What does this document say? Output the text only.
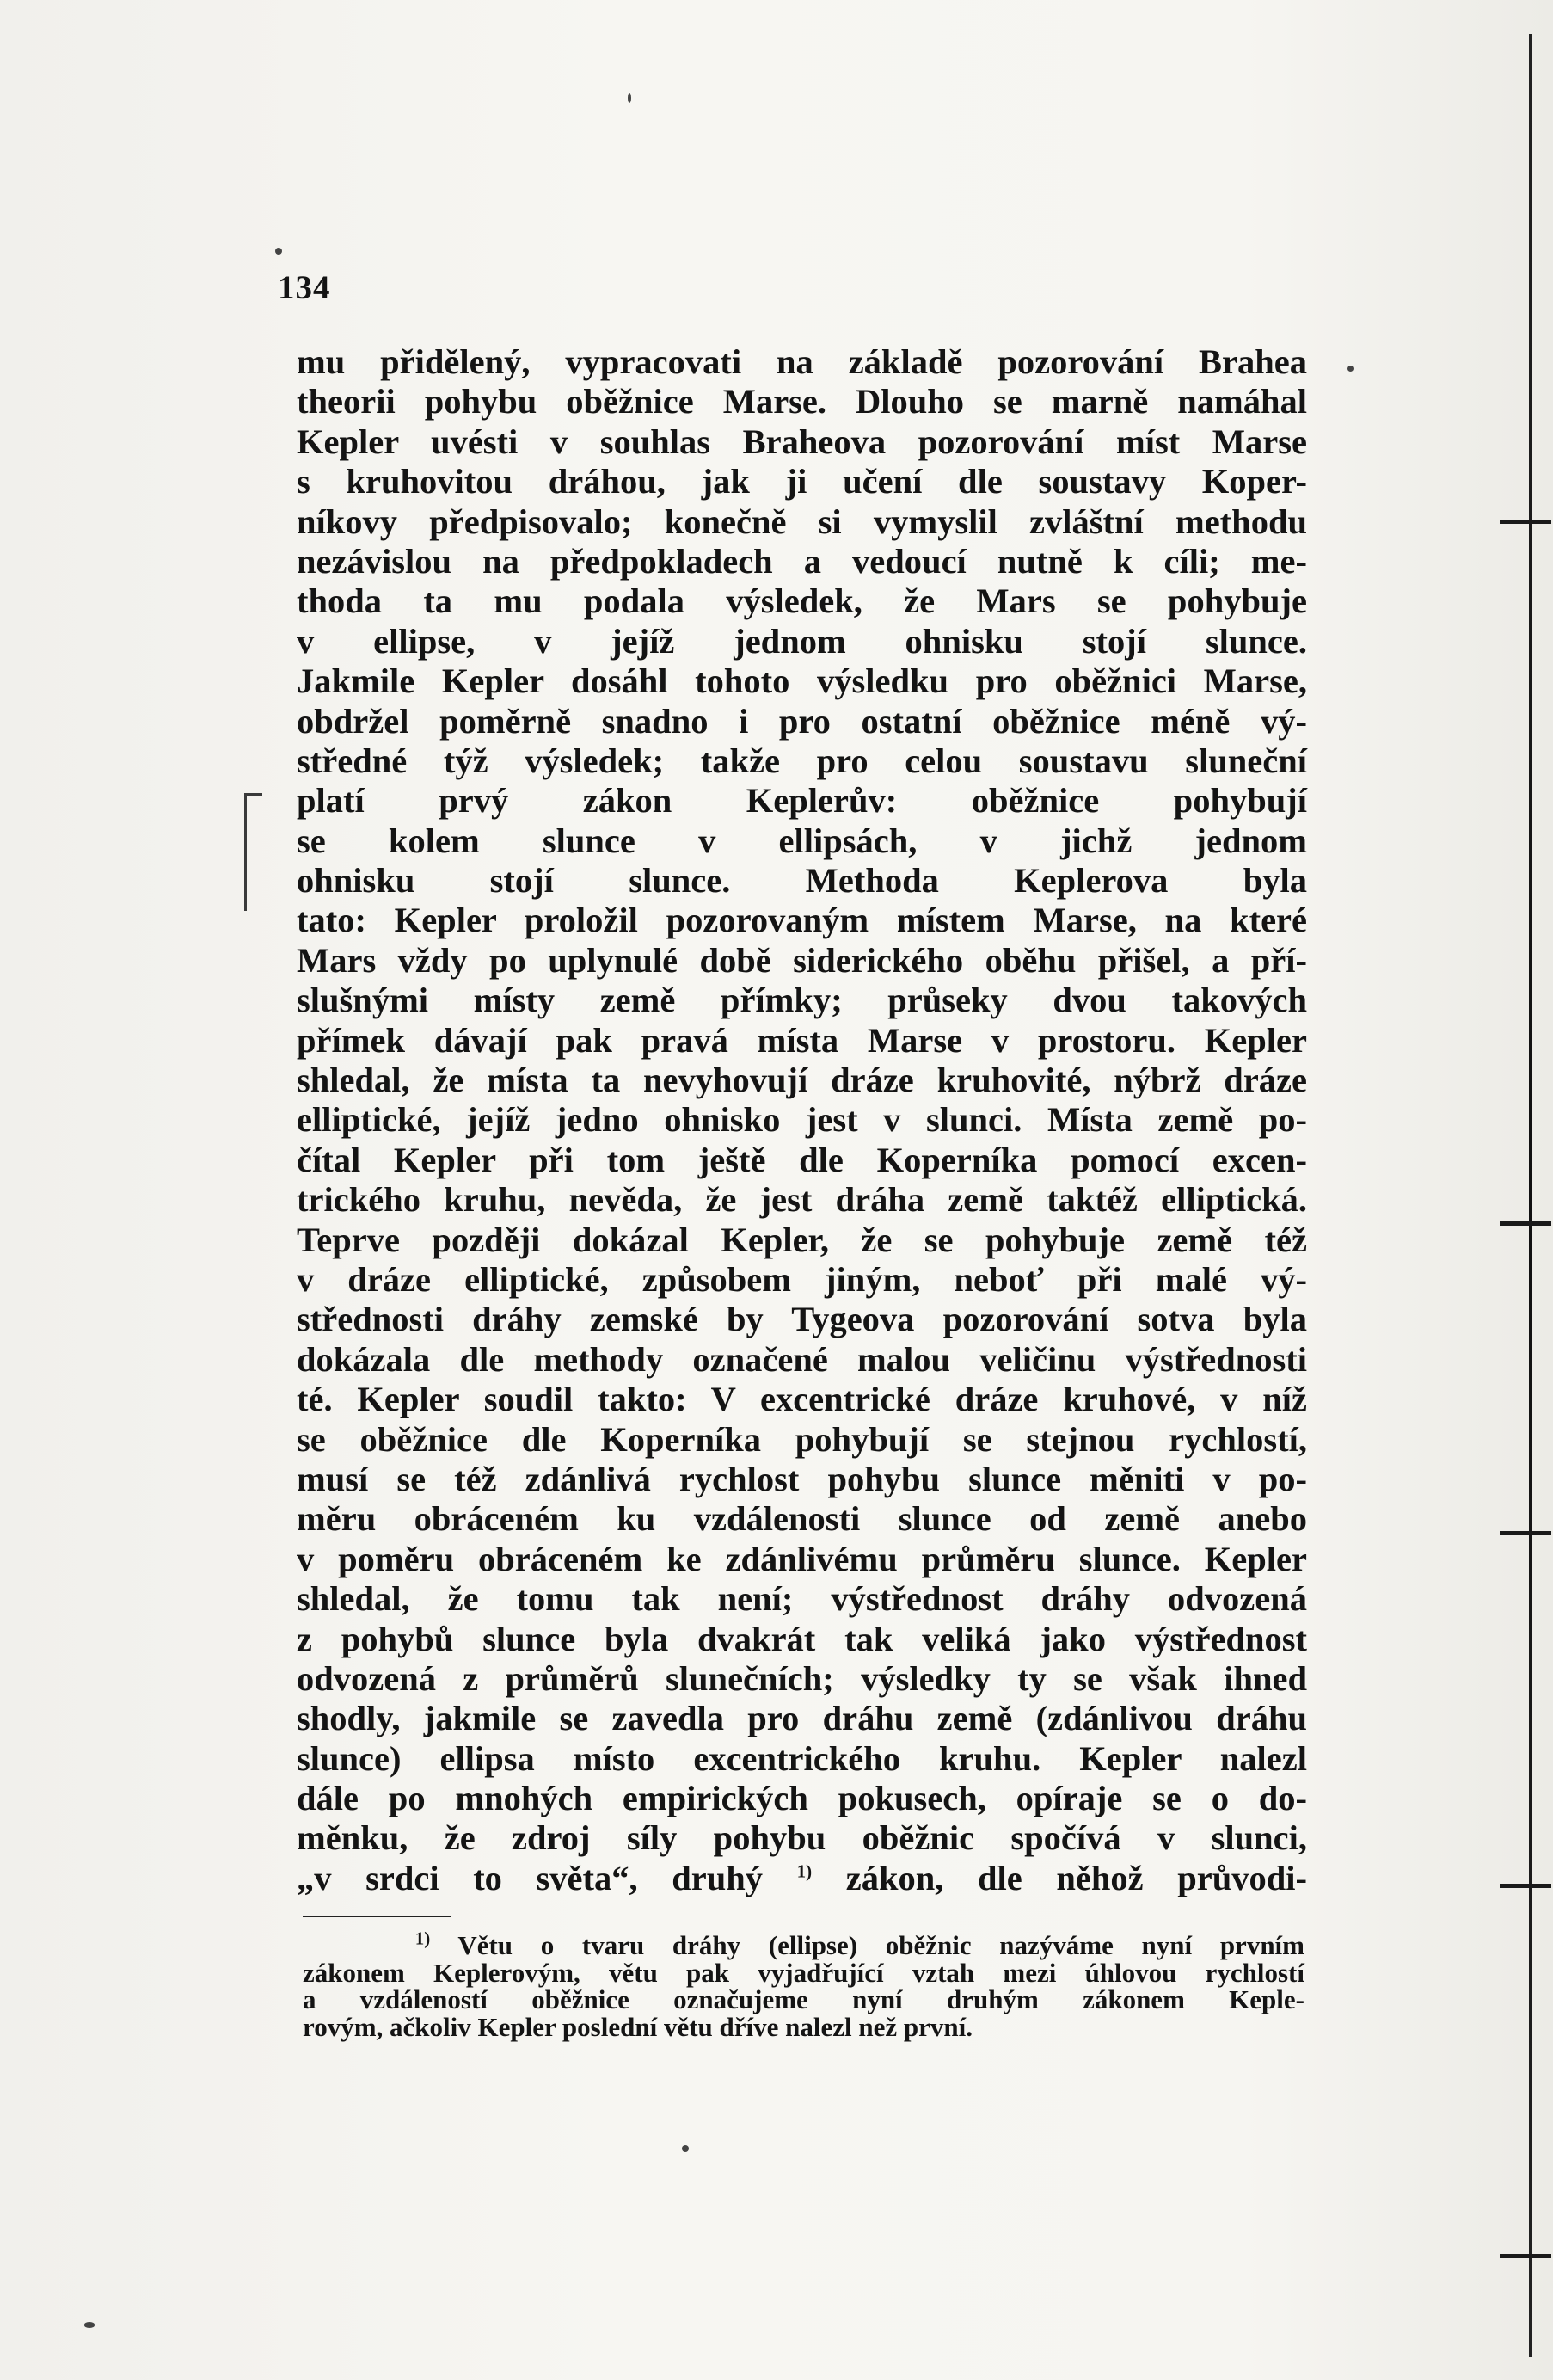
134
mu přidělený, vypracovati na základě pozorování Brahea
theorii pohybu oběžnice Marse. Dlouho se marně namáhal
Kepler uvésti v souhlas Braheova pozorování míst Marse
s kruhovitou dráhou, jak ji učení dle soustavy Koper-
níkovy předpisovalo; konečně si vymyslil zvláštní methodu
nezávislou na předpokladech a vedoucí nutně k cíli; me-
thoda ta mu podala výsledek, že Mars se pohybuje
v ellipse, v jejíž jednom ohnisku stojí slunce.
Jakmile Kepler dosáhl tohoto výsledku pro oběžnici Marse,
obdržel poměrně snadno i pro ostatní oběžnice méně vý-
středné týž výsledek; takže pro celou soustavu sluneční
platí prvý zákon Keplerův: oběžnice pohybují
se kolem slunce v ellipsách, v jichž jednom
ohnisku stojí slunce. Methoda Keplerova byla
tato: Kepler proložil pozorovaným místem Marse, na které
Mars vždy po uplynulé době siderického oběhu přišel, a pří-
slušnými místy země přímky; průseky dvou takových
přímek dávají pak pravá místa Marse v prostoru. Kepler
shledal, že místa ta nevyhovují dráze kruhovité, nýbrž dráze
elliptické, jejíž jedno ohnisko jest v slunci. Místa země po-
čítal Kepler při tom ještě dle Koperníka pomocí excen-
trického kruhu, nevěda, že jest dráha země taktéž elliptická.
Teprve později dokázal Kepler, že se pohybuje země též
v dráze elliptické, způsobem jiným, neboť při malé vý-
střednosti dráhy zemské by Tygeova pozorování sotva byla
dokázala dle methody označené malou veličinu výstřednosti
té. Kepler soudil takto: V excentrické dráze kruhové, v níž
se oběžnice dle Koperníka pohybují se stejnou rychlostí,
musí se též zdánlivá rychlost pohybu slunce měniti v po-
měru obráceném ku vzdálenosti slunce od země anebo
v poměru obráceném ke zdánlivému průměru slunce. Kepler
shledal, že tomu tak není; výstřednost dráhy odvozená
z pohybů slunce byla dvakrát tak veliká jako výstřednost
odvozená z průměrů slunečních; výsledky ty se však ihned
shodly, jakmile se zavedla pro dráhu země (zdánlivou dráhu
slunce) ellipsa místo excentrického kruhu. Kepler nalezl
dále po mnohých empirických pokusech, opíraje se o do-
měnku, že zdroj síly pohybu oběžnic spočívá v slunci,
„v srdci to světa“, druhý $^{1)}$ zákon, dle něhož průvodi-
$^{1)}$ Větu o tvaru dráhy (ellipse) oběžnic nazýváme nyní prvním
zákonem Keplerovým, větu pak vyjadřující vztah mezi úhlovou rychlostí
a vzdáleností oběžnice označujeme nyní druhým zákonem Keple-
rovým, ačkoliv Kepler poslední větu dříve nalezl než první.
